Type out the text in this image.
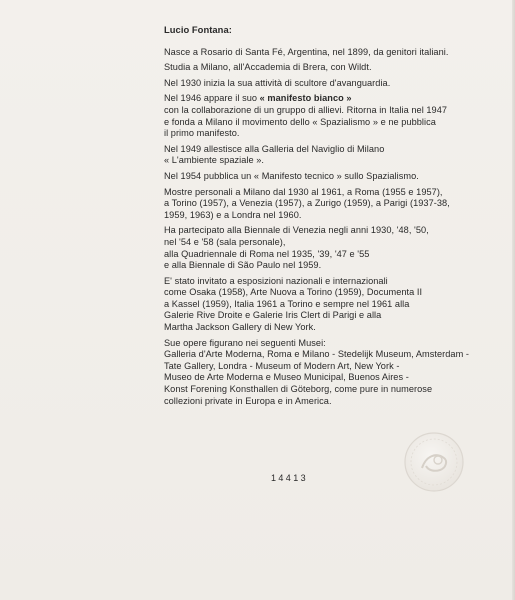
Lucio Fontana:

Nasce a Rosario di Santa Fé, Argentina, nel 1899, da genitori italiani.

Studia a Milano, all'Accademia di Brera, con Wildt.

Nel 1930 inizia la sua attività di scultore d'avanguardia.

Nel 1946 appare il suo « manifesto bianco »
con la collaborazione di un gruppo di allievi. Ritorna in Italia nel 1947
e fonda a Milano il movimento dello « Spazialismo » e ne pubblica
il primo manifesto.

Nel 1949 allestisce alla Galleria del Naviglio di Milano
« L'ambiente spaziale ».

Nel 1954 pubblica un « Manifesto tecnico » sullo Spazialismo.

Mostre personali a Milano dal 1930 al 1961, a Roma (1955 e 1957),
a Torino (1957), a Venezia (1957), a Zurigo (1959), a Parigi (1937-38,
1959, 1963) e a Londra nel 1960.

Ha partecipato alla Biennale di Venezia negli anni 1930, '48, '50,
nel '54 e '58 (sala personale),
alla Quadriennale di Roma nel 1935, '39, '47 e '55
e alla Biennale di São Paulo nel 1959.

E' stato invitato a esposizioni nazionali e internazionali
come Osaka (1958), Arte Nuova a Torino (1959), Documenta II
a Kassel (1959), Italia 1961 a Torino e sempre nel 1961 alla
Galerie Rive Droite e Galerie Iris Clert di Parigi e alla
Martha Jackson Gallery di New York.

Sue opere figurano nei seguenti Musei:
Galleria d'Arte Moderna, Roma e Milano - Stedelijk Museum, Amsterdam -
Tate Gallery, Londra - Museum of Modern Art, New York -
Museo de Arte Moderna e Museo Municipal, Buenos Aires -
Konst Forening Konsthallen di Göteborg, come pure in numerose
collezioni private in Europa e in America.

14413
